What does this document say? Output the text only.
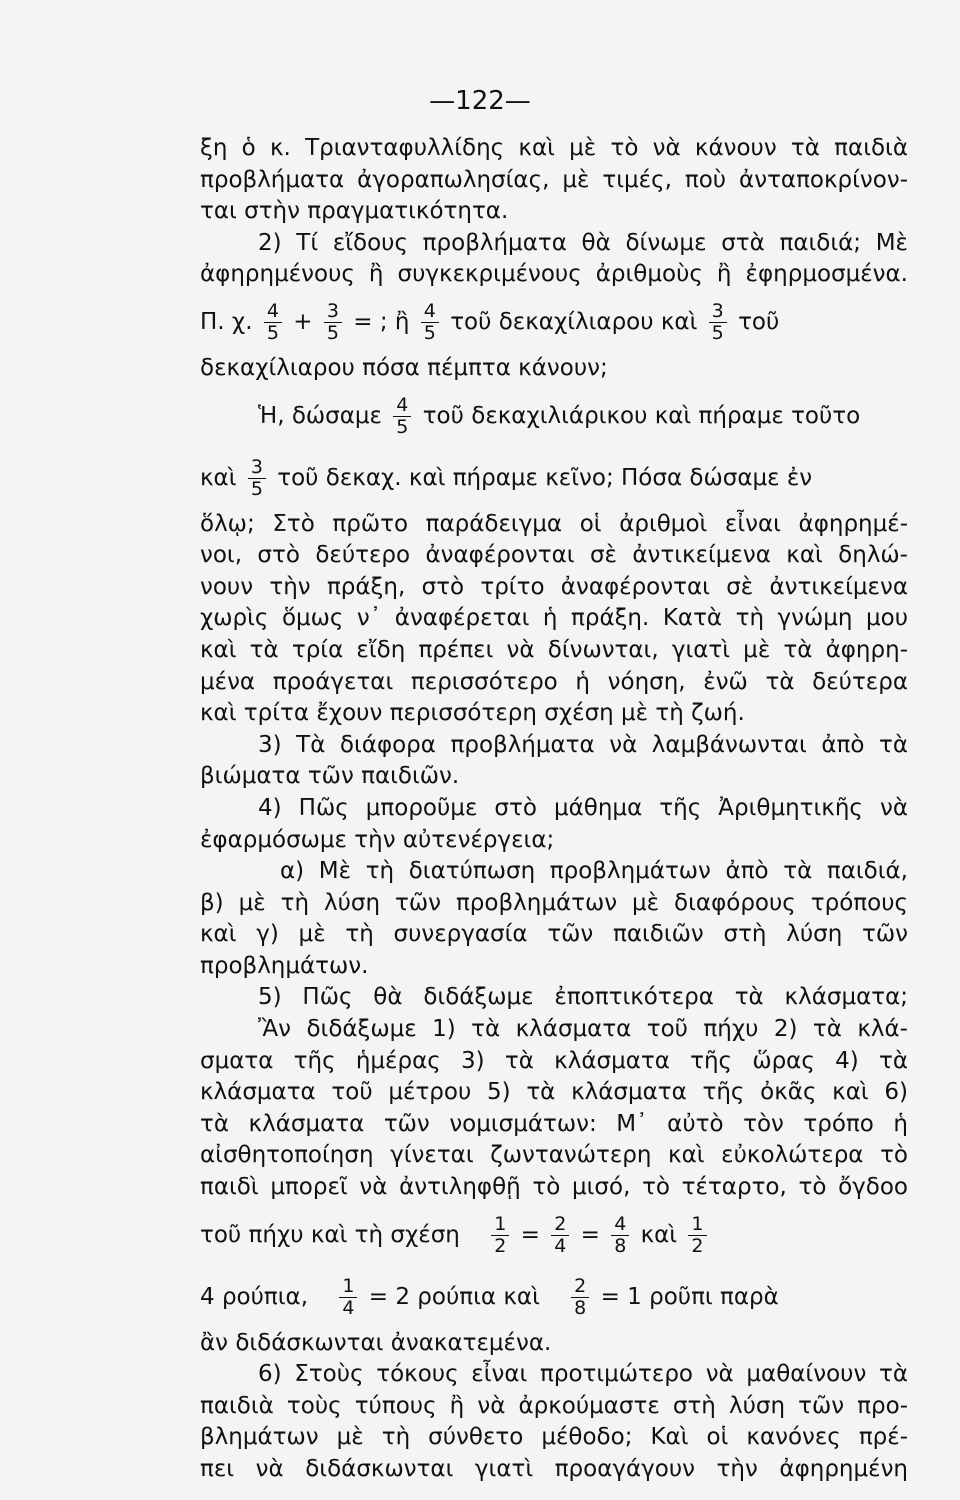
—122—
ξη ὁ κ. Τριανταφυλλίδης καὶ μὲ τὸ νὰ κάνουν τὰ παιδιὰ
προβλήματα ἀγοραπωλησίας, μὲ τιμές, ποὺ ἀνταποκρίνον-
ται στὴν πραγματικότητα.
2) Τί εἴδους προβλήματα θὰ δίνωμε στὰ παιδιά; Μὲ
ἀφηρημένους ἢ συγκεκριμένους ἀριθμοὺς ἢ ἐφηρμοσμένα.
Π. χ. $\frac{4}{5} + \frac{3}{5}$ = ; ἢ $\frac{4}{5}$ τοῦ δεκαχίλιαρου καὶ $\frac{3}{5}$ τοῦ
δεκαχίλιαρου πόσα πέμπτα κάνουν;
Ἡ, δώσαμε $\frac{4}{5}$ τοῦ δεκαχιλιάρικου καὶ πήραμε τοῦτο
καὶ $\frac{3}{5}$ τοῦ δεκαχ. καὶ πήραμε κεῖνο; Πόσα δώσαμε ἐν
ὅλῳ; Στὸ πρῶτο παράδειγμα οἱ ἀριθμοὶ εἶναι ἀφηρημέ-
νοι, στὸ δεύτερο ἀναφέρονται σὲ ἀντικείμενα καὶ δηλώ-
νουν τὴν πράξη, στὸ τρίτο ἀναφέρονται σὲ ἀντικείμενα
χωρὶς ὅμως ν᾽ ἀναφέρεται ἡ πράξη. Κατὰ τὴ γνώμη μου
καὶ τὰ τρία εἴδη πρέπει νὰ δίνωνται, γιατὶ μὲ τὰ ἀφηρη-
μένα προάγεται περισσότερο ἡ νόηση, ἐνῶ τὰ δεύτερα
καὶ τρίτα ἔχουν περισσότερη σχέση μὲ τὴ ζωή.
3) Τὰ διάφορα προβλήματα νὰ λαμβάνωνται ἀπὸ τὰ
βιώματα τῶν παιδιῶν.
4) Πῶς μποροῦμε στὸ μάθημα τῆς Ἀριθμητικῆς νὰ
ἐφαρμόσωμε τὴν αὐτενέργεια;
α) Μὲ τὴ διατύπωση προβλημάτων ἀπὸ τὰ παιδιά,
β) μὲ τὴ λύση τῶν προβλημάτων μὲ διαφόρους τρόπους
καὶ γ) μὲ τὴ συνεργασία τῶν παιδιῶν στὴ λύση τῶν
προβλημάτων.
5) Πῶς θὰ διδάξωμε ἐποπτικότερα τὰ κλάσματα;
Ἂν διδάξωμε 1) τὰ κλάσματα τοῦ πήχυ 2) τὰ κλά-
σματα τῆς ἡμέρας 3) τὰ κλάσματα τῆς ὥρας 4) τὰ
κλάσματα τοῦ μέτρου 5) τὰ κλάσματα τῆς ὀκᾶς καὶ 6)
τὰ κλάσματα τῶν νομισμάτων: Μ᾽ αὐτὸ τὸν τρόπο ἡ
αἰσθητοποίηση γίνεται ζωντανώτερη καὶ εὐκολώτερα τὸ
παιδὶ μπορεῖ νὰ ἀντιληφθῇ τὸ μισό, τὸ τέταρτο, τὸ ὄγδοο
τοῦ πήχυ καὶ τὴ σχέση $\frac{1}{2} = \frac{2}{4} = \frac{4}{8}$ καὶ $\frac{1}{2}$
4 ρούπια, $\frac{1}{4} = 2$ ρούπια καὶ $\frac{2}{8} = 1$ ροῦπι παρὰ
ἂν διδάσκωνται ἀνακατεμένα.
6) Στοὺς τόκους εἶναι προτιμώτερο νὰ μαθαίνουν τὰ
παιδιὰ τοὺς τύπους ἢ νὰ ἀρκούμαστε στὴ λύση τῶν προ-
βλημάτων μὲ τὴ σύνθετο μέθοδο; Καὶ οἱ κανόνες πρέ-
πει νὰ διδάσκωνται γιατὶ προαγάγουν τὴν ἀφηρημένη
